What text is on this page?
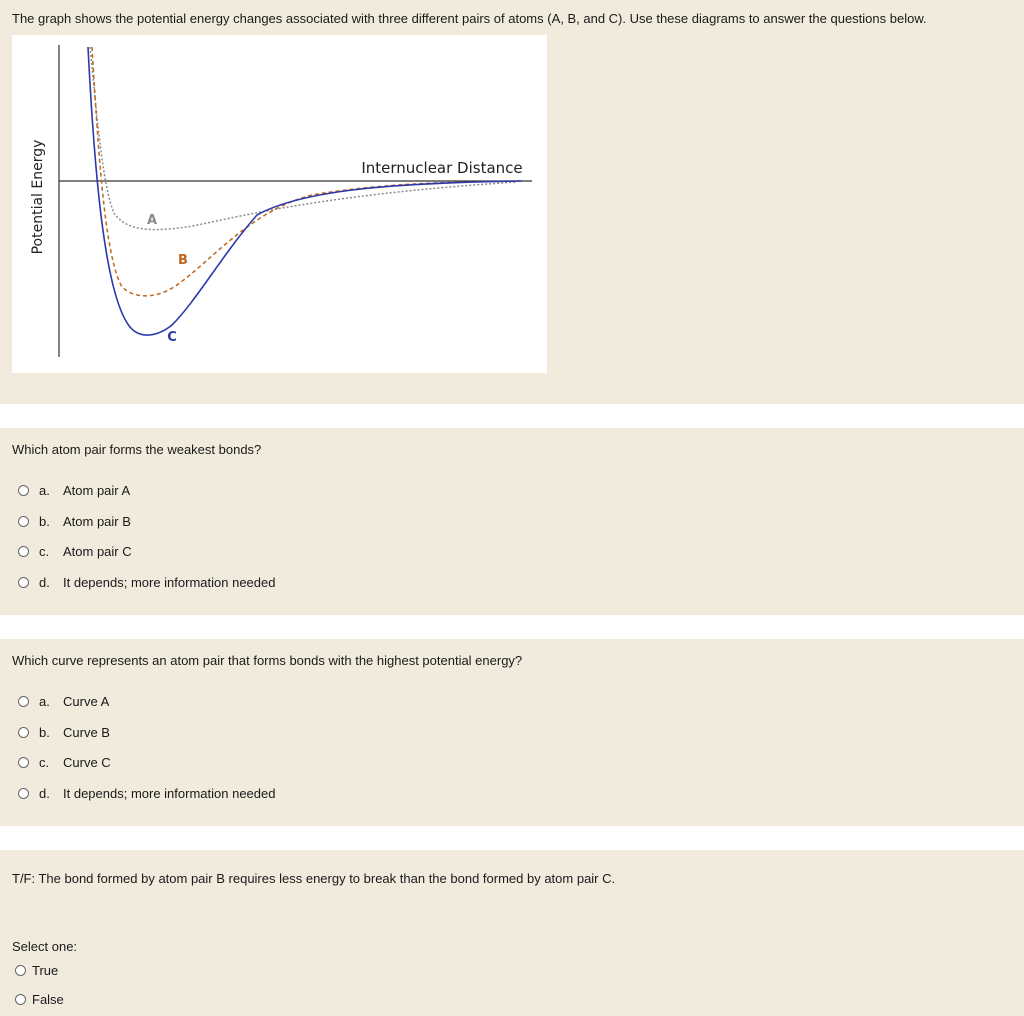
The graph shows the potential energy changes associated with three different pairs of atoms (A, B, and C). Use these diagrams to answer the questions below.
Potential Energy	Internuclear Distance
A
B
C
Which atom pair forms the weakest bonds?
a.	Atom pair A
b.	Atom pair B
c.	Atom pair C
d.	It depends; more information needed
Which curve represents an atom pair that forms bonds with the highest potential energy?
a.	Curve A
b.	Curve B
c.	Curve C
d.	It depends; more information needed
T/F: The bond formed by atom pair B requires less energy to break than the bond formed by atom pair C.
Select one:
True
False
